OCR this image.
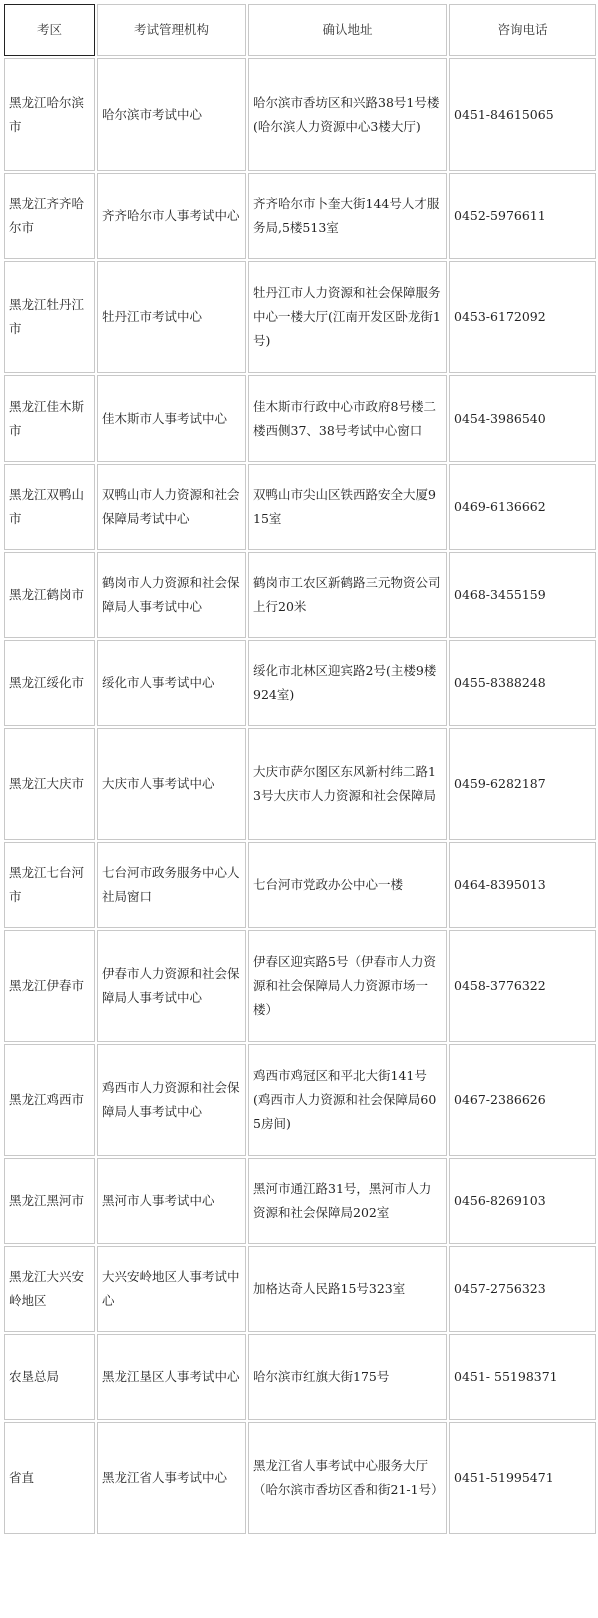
考区	考试管理机构	确认地址	咨询电话
黑龙江哈尔滨市	哈尔滨市考试中心	哈尔滨市香坊区和兴路38号1号楼(哈尔滨人力资源中心3楼大厅)	0451-84615065
黑龙江齐齐哈尔市	齐齐哈尔市人事考试中心	齐齐哈尔市卜奎大街144号人才服务局,5楼513室	0452-5976611
黑龙江牡丹江市	牡丹江市考试中心	牡丹江市人力资源和社会保障服务中心一楼大厅(江南开发区卧龙街1号)	0453-6172092
黑龙江佳木斯市	佳木斯市人事考试中心	佳木斯市行政中心市政府8号楼二楼西侧37、38号考试中心窗口	0454-3986540
黑龙江双鸭山市	双鸭山市人力资源和社会保障局考试中心	双鸭山市尖山区铁西路安全大厦915室	0469-6136662
黑龙江鹤岗市	鹤岗市人力资源和社会保障局人事考试中心	鹤岗市工农区新鹤路三元物资公司上行20米	0468-3455159
黑龙江绥化市	绥化市人事考试中心	绥化市北林区迎宾路2号(主楼9楼924室)	0455-8388248
黑龙江大庆市	大庆市人事考试中心	大庆市萨尔图区东风新村纬二路13号大庆市人力资源和社会保障局	0459-6282187
黑龙江七台河市	七台河市政务服务中心人社局窗口	七台河市党政办公中心一楼	0464-8395013
黑龙江伊春市	伊春市人力资源和社会保障局人事考试中心	伊春区迎宾路5号（伊春市人力资源和社会保障局人力资源市场一楼）	0458-3776322
黑龙江鸡西市	鸡西市人力资源和社会保障局人事考试中心	鸡西市鸡冠区和平北大街141号(鸡西市人力资源和社会保障局605房间)	0467-2386626
黑龙江黑河市	黑河市人事考试中心	黑河市通江路31号，黑河市人力资源和社会保障局202室	0456-8269103
黑龙江大兴安岭地区	大兴安岭地区人事考试中心	加格达奇人民路15号323室	0457-2756323
农垦总局	黑龙江垦区人事考试中心	哈尔滨市红旗大街175号	0451- 55198371
省直	黑龙江省人事考试中心	黑龙江省人事考试中心服务大厅（哈尔滨市香坊区香和街21-1号）	0451-51995471
